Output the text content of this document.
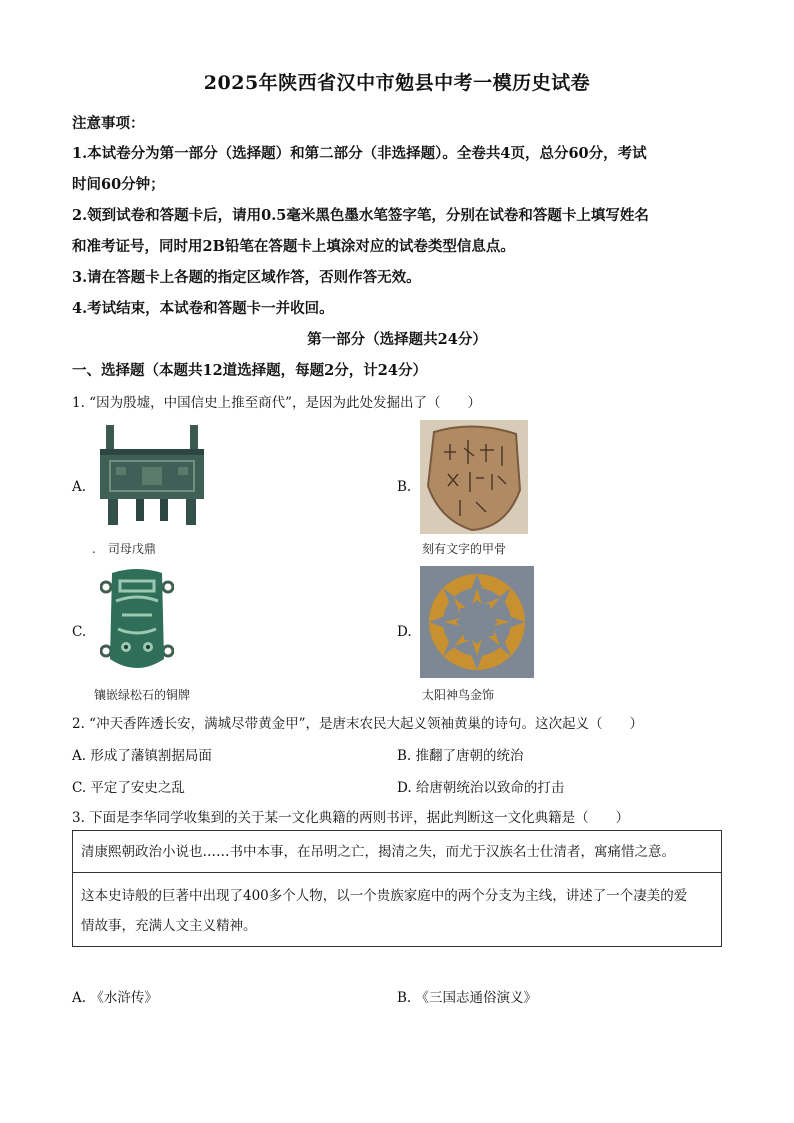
2025年陕西省汉中市勉县中考一模历史试卷
注意事项：
1.本试卷分为第一部分（选择题）和第二部分（非选择题）。全卷共4页，总分60分，考试
时间60分钟；
2.领到试卷和答题卡后，请用0.5毫米黑色墨水笔签字笔，分别在试卷和答题卡上填写姓名
和准考证号，同时用2B铅笔在答题卡上填涂对应的试卷类型信息点。
3.请在答题卡上各题的指定区域作答，否则作答无效。
4.考试结束，本试卷和答题卡一并收回。
第一部分（选择题共24分）
一、选择题（本题共12道选择题，每题2分，计24分）
1. “因为殷墟，中国信史上推至商代”，是因为此处发掘出了（　　）
A.
.　司母戊鼎
B.
刻有文字的甲骨
C.
镶嵌绿松石的铜牌
D.
太阳神鸟金饰
2. “冲天香阵透长安，满城尽带黄金甲”，是唐末农民大起义领袖黄巢的诗句。这次起义（　　）
A. 形成了藩镇割据局面	B. 推翻了唐朝的统治
C. 平定了安史之乱	D. 给唐朝统治以致命的打击
3. 下面是李华同学收集到的关于某一文化典籍的两则书评，据此判断这一文化典籍是（　　）
清康熙朝政治小说也……书中本事，在吊明之亡，揭清之失，而尤于汉族名士仕清者，寓痛惜之意。
这本史诗般的巨著中出现了400多个人物，以一个贵族家庭中的两个分支为主线，讲述了一个凄美的爱
情故事，充满人文主义精神。
A. 《水浒传》	B. 《三国志通俗演义》
